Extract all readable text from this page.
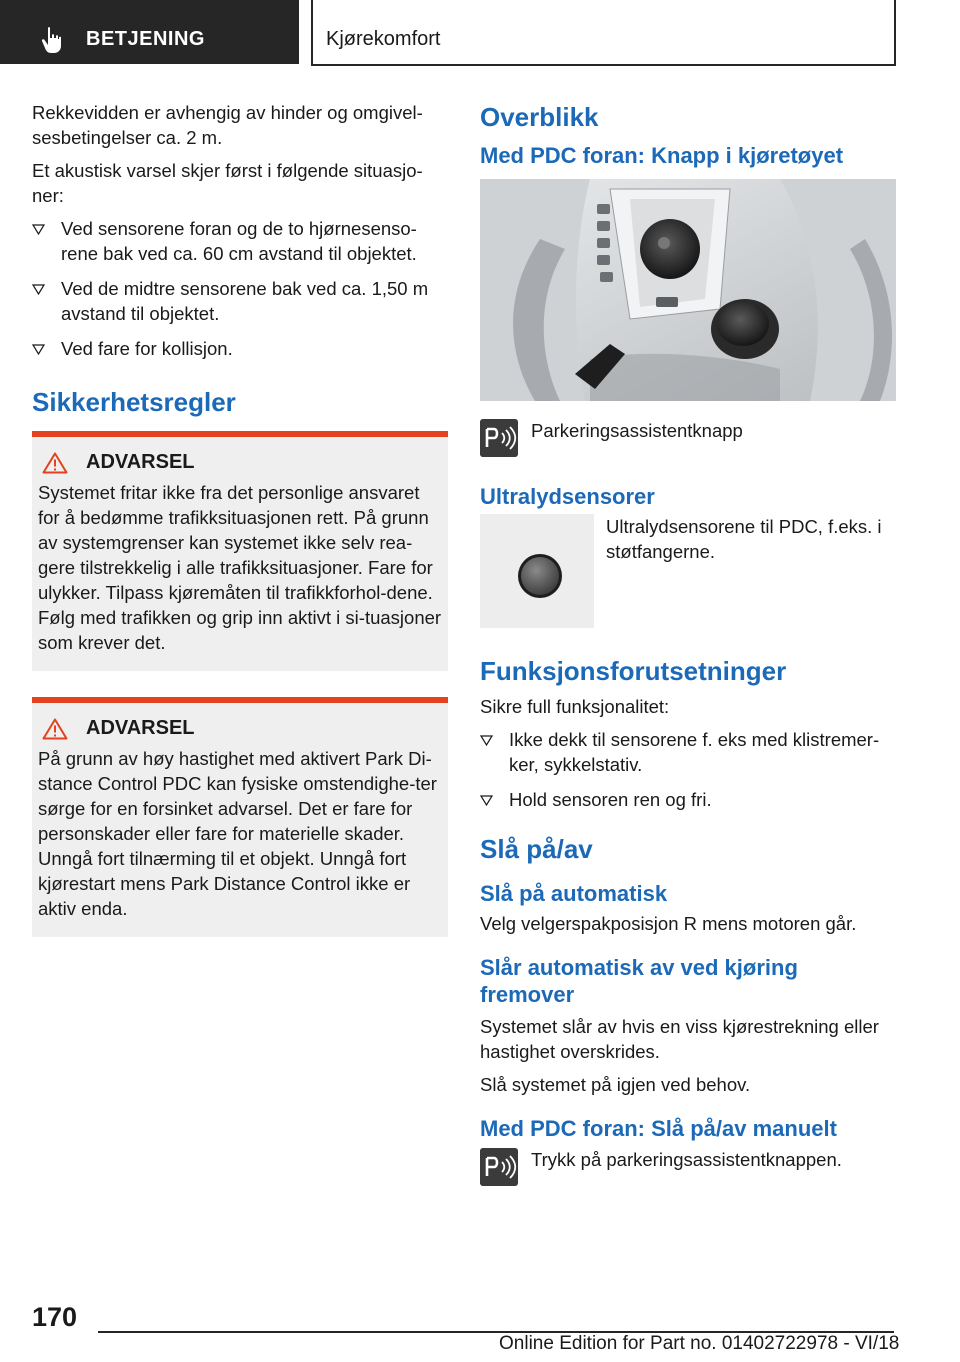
BETJENING	Kjørekomfort

Rekkevidden er avhengig av hinder og omgivel-sesbetingelser ca. 2 m.

Et akustisk varsel skjer først i følgende situasjo-ner:

Ved sensorene foran og de to hjørnesenso-rene bak ved ca. 60 cm avstand til objektet.
Ved de midtre sensorene bak ved ca. 1,50 m avstand til objektet.
Ved fare for kollisjon.
Sikkerhetsregler
ADVARSEL

Systemet fritar ikke fra det personlige ansvaret for å bedømme trafikksituasjonen rett. På grunn av systemgrenser kan systemet ikke selv rea-gere tilstrekkelig i alle trafikksituasjoner. Fare for ulykker. Tilpass kjøremåten til trafikkforhol-dene. Følg med trafikken og grip inn aktivt i si-tuasjoner som krever det.

ADVARSEL

På grunn av høy hastighet med aktivert Park Di-stance Control PDC kan fysiske omstendighe-ter sørge for en forsinket advarsel. Det er fare for personskader eller fare for materielle skader. Unngå fort tilnærming til et objekt. Unngå fort kjørestart mens Park Distance Control ikke er aktiv enda.

Overblikk
Med PDC foran: Knapp i kjøretøyet
Parkeringsassistentknapp
Ultralydsensorer
Ultralydsensorene til PDC, f.eks. i støtfangerne.
Funksjonsforutsetninger

Sikre full funksjonalitet:

Ikke dekk til sensorene f. eks med klistremer-ker, sykkelstativ.
Hold sensoren ren og fri.
Slå på/av
Slå på automatisk

Velg velgerspakposisjon R mens motoren går.

Slår automatisk av ved kjøring fremover

Systemet slår av hvis en viss kjørestrekning eller hastighet overskrides.

Slå systemet på igjen ved behov.

Med PDC foran: Slå på/av manuelt
Trykk på parkeringsassistentknappen.
170
Online Edition for Part no. 01402722978 - VI/18
